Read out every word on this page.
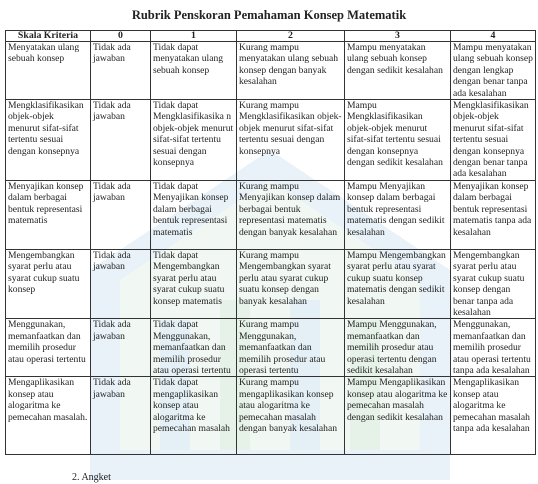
Rubrik Penskoran Pemahaman Konsep Matematik
Skala Kriteria	0	1	2	3	4
Menyatakan ulang sebuah konsep	Tidak ada jawaban	Tidak dapat menyatakan ulang sebuah konsep	Kurang mampu menyatakan ulang sebuah konsep dengan banyak kesalahan	Mampu menyatakan ulang sebuah konsep dengan sedikit kesalahan	Mampu menyatakan ulang sebuah konsep dengan lengkap dengan benar tanpa ada kesalahan
Mengklasifikasikan objek-objek menurut sifat-sifat tertentu sesuai dengan konsepnya	Tidak ada jawaban	Tidak dapat Mengklasifikasika n objek-objek menurut sifat-sifat tertentu sesuai dengan konsepnya	Kurang mampu Mengklasifikasikan objek-objek menurut sifat-sifat tertentu sesuai dengan konsepnya	Mampu Mengklasifikasikan objek-objek menurut sifat-sifat tertentu sesuai dengan konsepnya dengan sedikit kesalahan	Mengklasifikasikan objek-objek menurut sifat-sifat tertentu sesuai dengan konsepnya dengan benar tanpa ada kesalahan
Menyajikan konsep dalam berbagai bentuk representasi matematis	Tidak ada jawaban	Tidak dapat Menyajikan konsep dalam berbagai bentuk representasi matematis	Kurang mampu Menyajikan konsep dalam berbagai bentuk representasi matematis dengan banyak kesalahan	Mampu Menyajikan konsep dalam berbagai bentuk representasi matematis dengan sedikit kesalahan	Menyajikan konsep dalam berbagai bentuk representasi matematis tanpa ada kesalahan
Mengembangkan syarat perlu atau syarat cukup suatu konsep	Tidak ada jawaban	Tidak dapat Mengembangkan syarat perlu atau syarat cukup suatu konsep matematis	Kurang mampu Mengembangkan syarat perlu atau syarat cukup suatu konsep dengan banyak kesalahan	Mampu Mengembangkan syarat perlu atau syarat cukup suatu konsep matematis dengan sedikit kesalahan	Mengembangkan syarat perlu atau syarat cukup suatu konsep dengan benar tanpa ada kesalahan
Menggunakan, memanfaatkan dan memilih prosedur atau operasi tertentu	Tidak ada jawaban	Tidak dapat Menggunakan, memanfaatkan dan memilih prosedur atau operasi tertentu	Kurang mampu Menggunakan, memanfaatkan dan memilih prosedur atau operasi tertentu	Mampu Menggunakan, memanfaatkan dan memilih prosedur atau operasi tertentu dengan sedikit kesalahan	Menggunakan, memanfaatkan dan memilih prosedur atau operasi tertentu tanpa ada kesalahan
Mengaplikasikan konsep atau alogaritma ke pemecahan masalah.	Tidak ada jawaban	Tidak dapat mengaplikasikan konsep atau alogaritma ke pemecahan masalah	Kurang mampu mengaplikasikan konsep atau alogaritma ke pemecahan masalah dengan banyak kesalahan	Mampu Mengaplikasikan konsep atau alogaritma ke pemecahan masalah dengan sedikit kesalahan	Mengaplikasikan konsep atau alogaritma ke pemecahan masalah tanpa ada kesalahan
2. Angket
